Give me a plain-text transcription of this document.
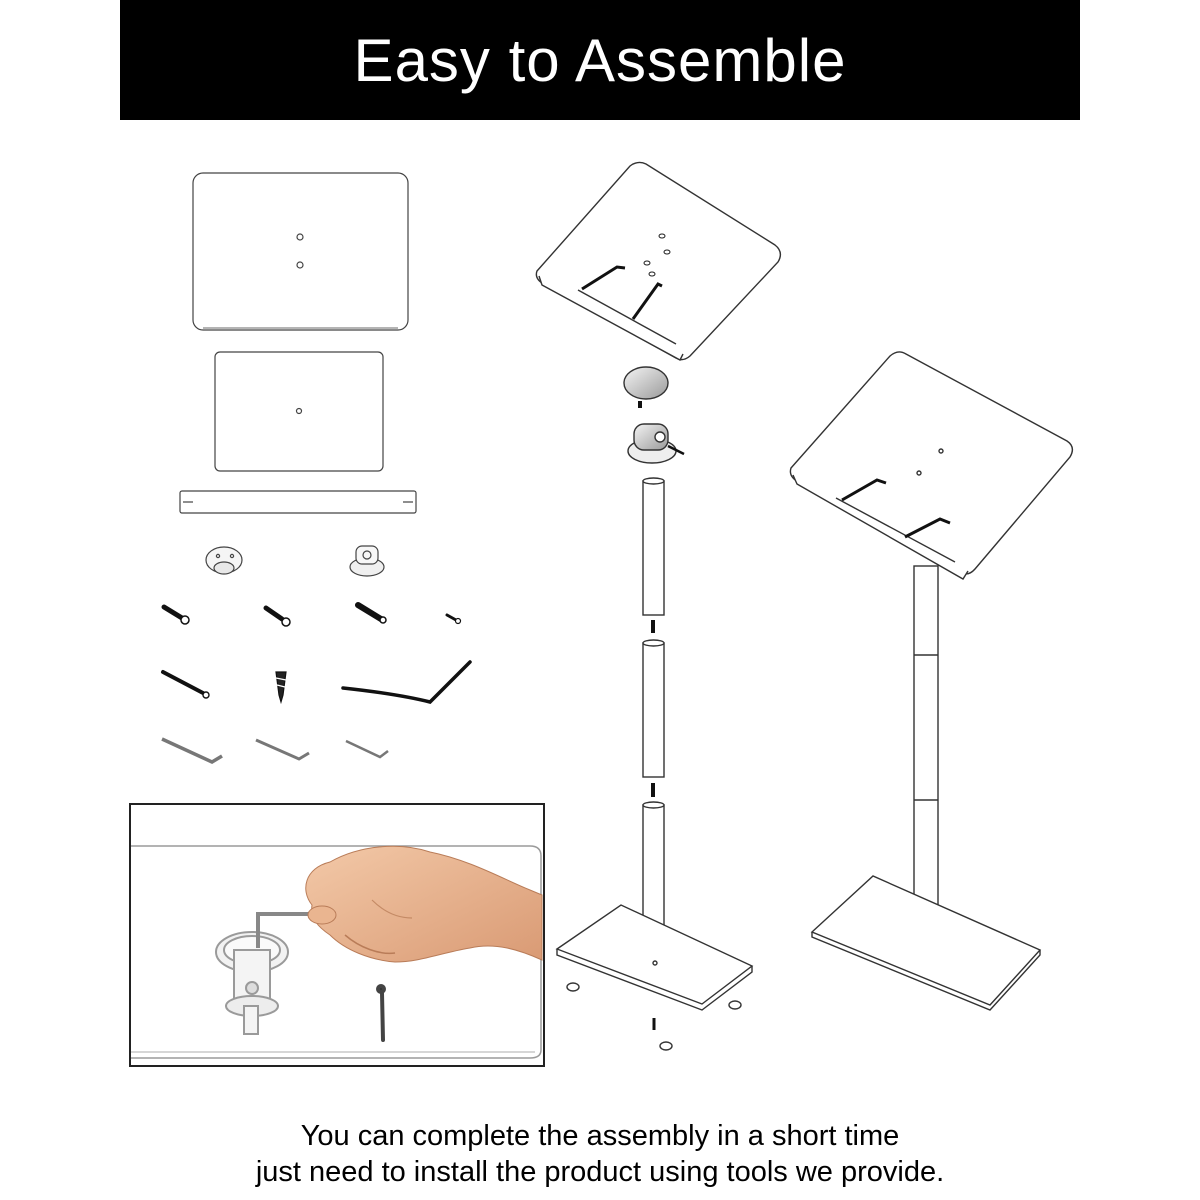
Easy to Assemble
You can complete the assembly in a short time
just need to install the product using tools we provide.
